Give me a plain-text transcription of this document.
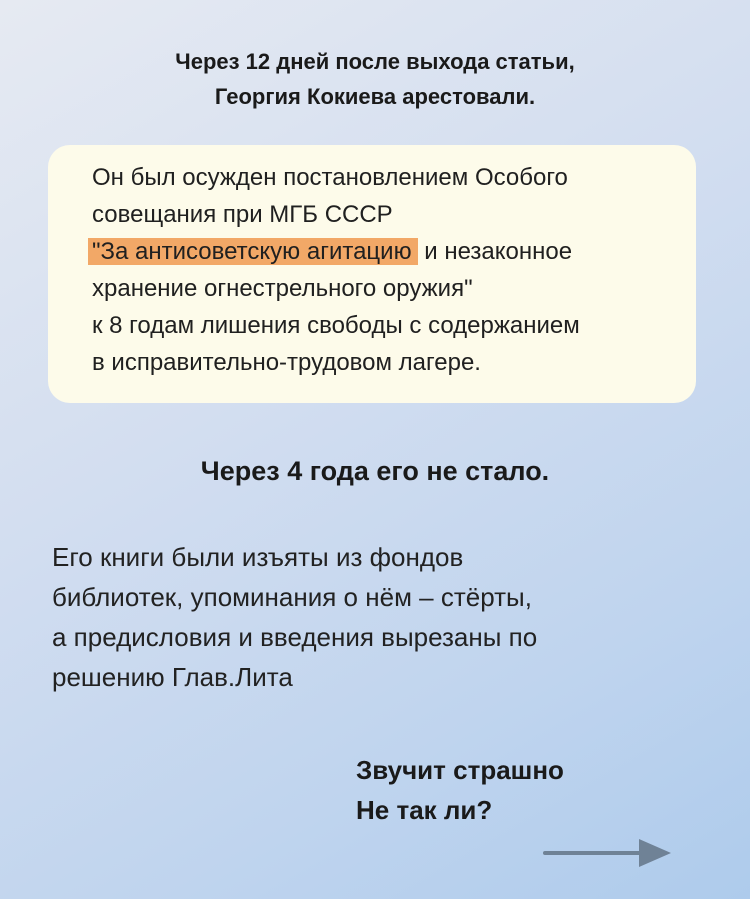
Через 12 дней после выхода статьи,
Георгия Кокиева арестовали.
Он был осужден постановлением Особого
совещания при МГБ СССР
"За антисоветскую агитацию и незаконное
хранение огнестрельного оружия"
к 8 годам лишения свободы с содержанием
в исправительно-трудовом лагере.
Через 4 года его не стало.
Его книги были изъяты из фондов
библиотек, упоминания о нём – стёрты,
а предисловия и введения вырезаны по
решению Глав.Лита
Звучит страшно
Не так ли?
